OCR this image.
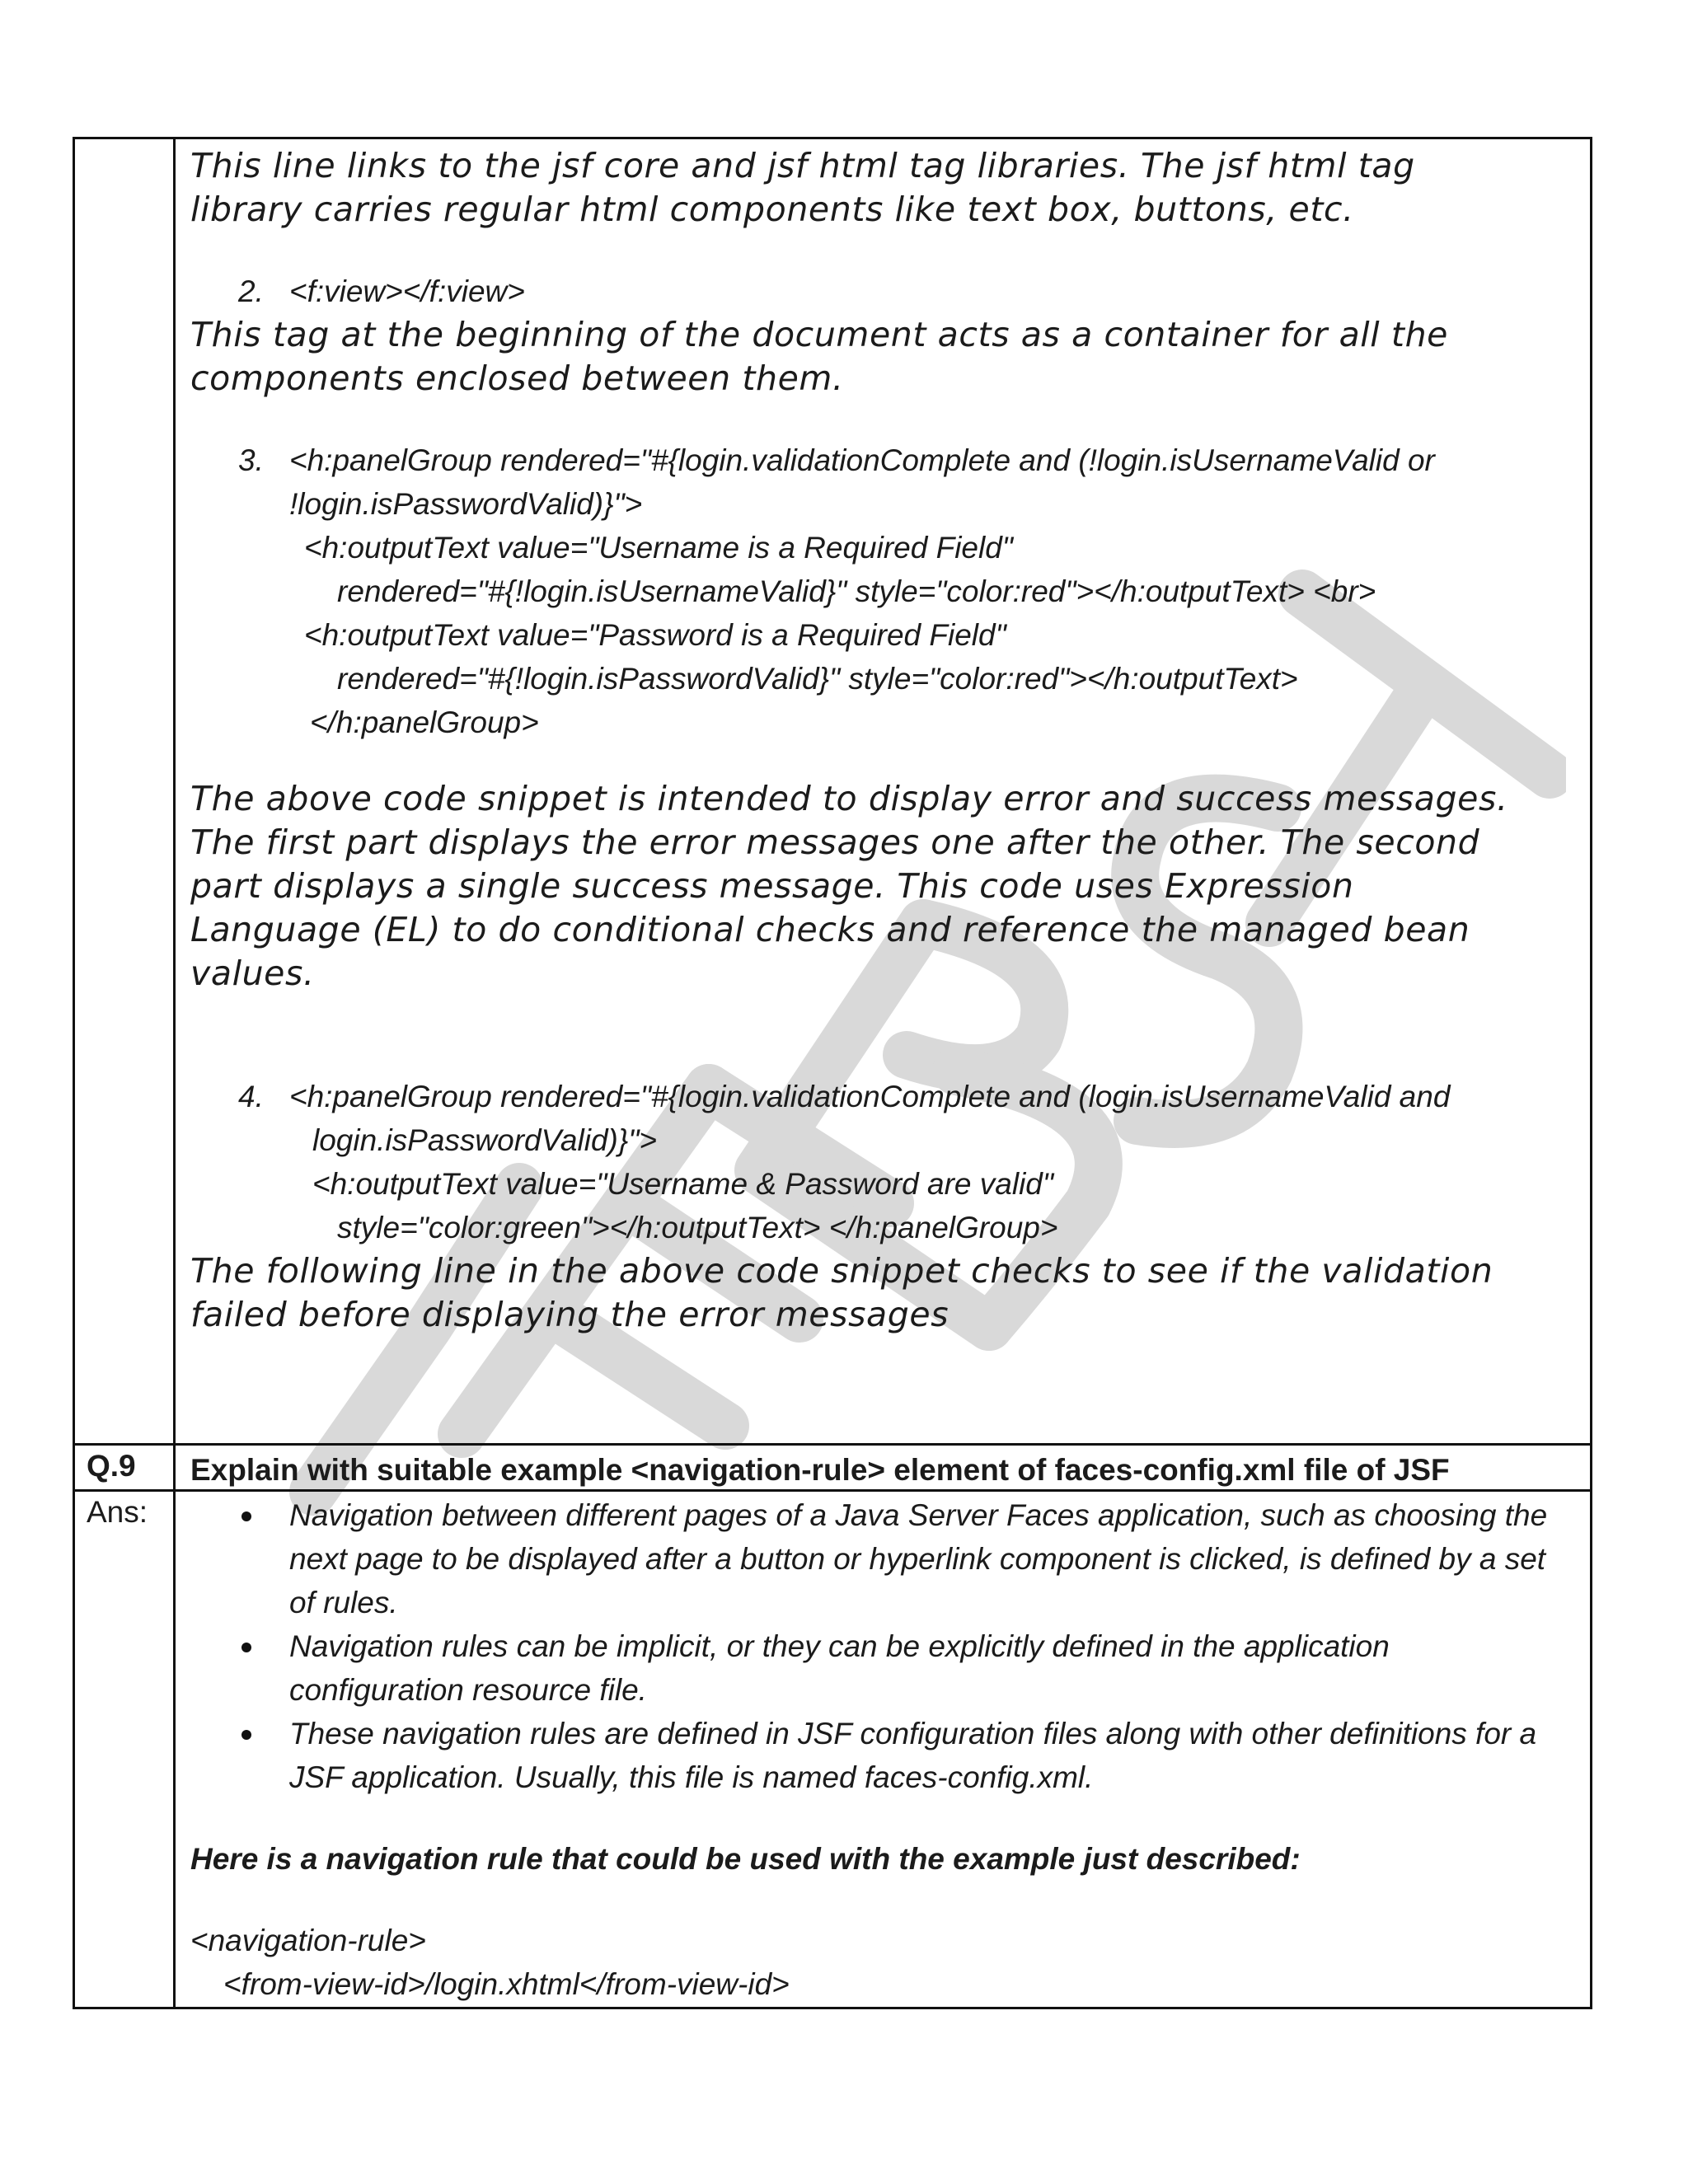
This line links to the jsf core and jsf html tag libraries. The jsf html tag
library carries regular html components like text box, buttons, etc.

2. <f:view></f:view>

This tag at the beginning of the document acts as a container for all the
components enclosed between them.

3. <h:panelGroup rendered="#{login.validationComplete and (!login.isUsernameValid or
!login.isPasswordValid)}">
<h:outputText value="Username is a Required Field"
rendered="#{!login.isUsernameValid}" style="color:red"></h:outputText> <br>
<h:outputText value="Password is a Required Field"
rendered="#{!login.isPasswordValid}" style="color:red"></h:outputText>
</h:panelGroup>

The above code snippet is intended to display error and success messages.
The first part displays the error messages one after the other. The second
part displays a single success message. This code uses Expression
Language (EL) to do conditional checks and reference the managed bean
values.

4. <h:panelGroup rendered="#{login.validationComplete and (login.isUsernameValid and
login.isPasswordValid)}">
<h:outputText value="Username & Password are valid"
style="color:green"></h:outputText> </h:panelGroup>

The following line in the above code snippet checks to see if the validation
failed before displaying the error messages

Q.9	Explain with suitable example <navigation-rule> element of faces-config.xml file of JSF
Ans:	Navigation between different pages of a Java Server Faces application, such as choosing the next page to be displayed after a button or hyperlink component is clicked, is defined by a set of rules.
Navigation rules can be implicit, or they can be explicitly defined in the application configuration resource file.
These navigation rules are defined in JSF configuration files along with other definitions for a JSF application. Usually, this file is named faces-config.xml.

Here is a navigation rule that could be used with the example just described:

<navigation-rule>
<from-view-id>/login.xhtml</from-view-id>
